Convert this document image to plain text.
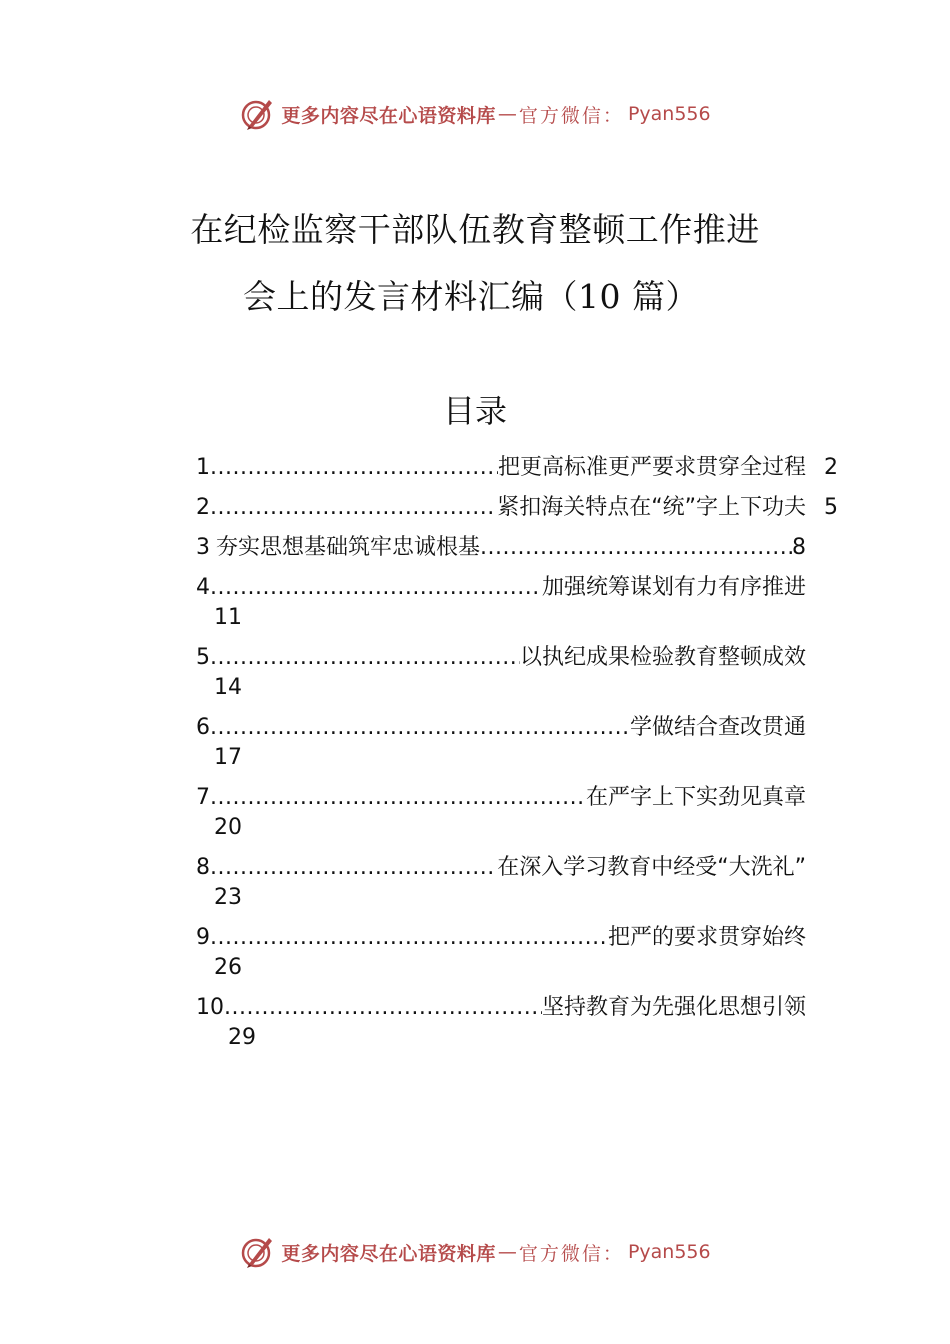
更多内容尽在心语资料库 — 官方微信： Pyan556
在纪检监察干部队伍教育整顿工作推进
会上的发言材料汇编（10 篇）
目录
1 .....	把更高标准更严要求贯穿全过程 2
2 .....	紧扣海关特点在“统”字上下功夫 5
3 夯实思想基础筑牢忠诚根基 .....	8
4 .....	加强统筹谋划有力有序推进
11
5 .....	以执纪成果检验教育整顿成效
14
6 .....	学做结合查改贯通
17
7 .....	在严字上下实劲见真章
20
8 .....	在深入学习教育中经受“大洗礼”
23
9 .....	把严的要求贯穿始终
26
10 .....	坚持教育为先强化思想引领
29
更多内容尽在心语资料库 — 官方微信： Pyan556
